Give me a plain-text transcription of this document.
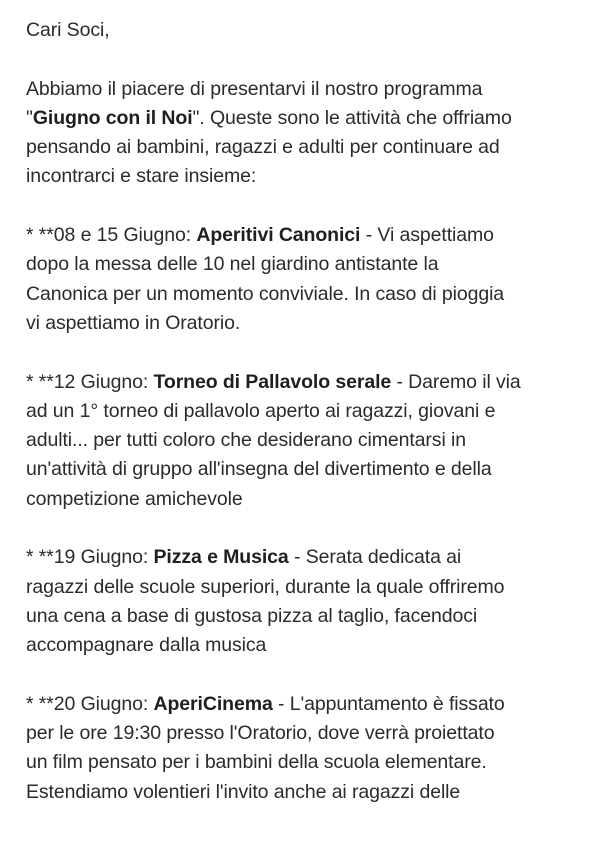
Cari Soci,

Abbiamo il piacere di presentarvi il nostro programma
"Giugno con il Noi". Queste sono le attività che offriamo
pensando ai bambini, ragazzi e adulti per continuare ad
incontrarci e stare insieme:

* **08 e 15 Giugno: Aperitivi Canonici - Vi aspettiamo
dopo la messa delle 10 nel giardino antistante la
Canonica per un momento conviviale. In caso di pioggia
vi aspettiamo in Oratorio.

* **12 Giugno: Torneo di Pallavolo serale - Daremo il via
ad un 1° torneo di pallavolo aperto ai ragazzi, giovani e
adulti... per tutti coloro che desiderano cimentarsi in
un'attività di gruppo all'insegna del divertimento e della
competizione amichevole

* **19 Giugno: Pizza e Musica - Serata dedicata ai
ragazzi delle scuole superiori, durante la quale offriremo
una cena a base di gustosa pizza al taglio, facendoci
accompagnare dalla musica

* **20 Giugno: AperiCinema - L'appuntamento è fissato
per le ore 19:30 presso l'Oratorio, dove verrà proiettato
un film pensato per i bambini della scuola elementare.
Estendiamo volentieri l'invito anche ai ragazzi delle
